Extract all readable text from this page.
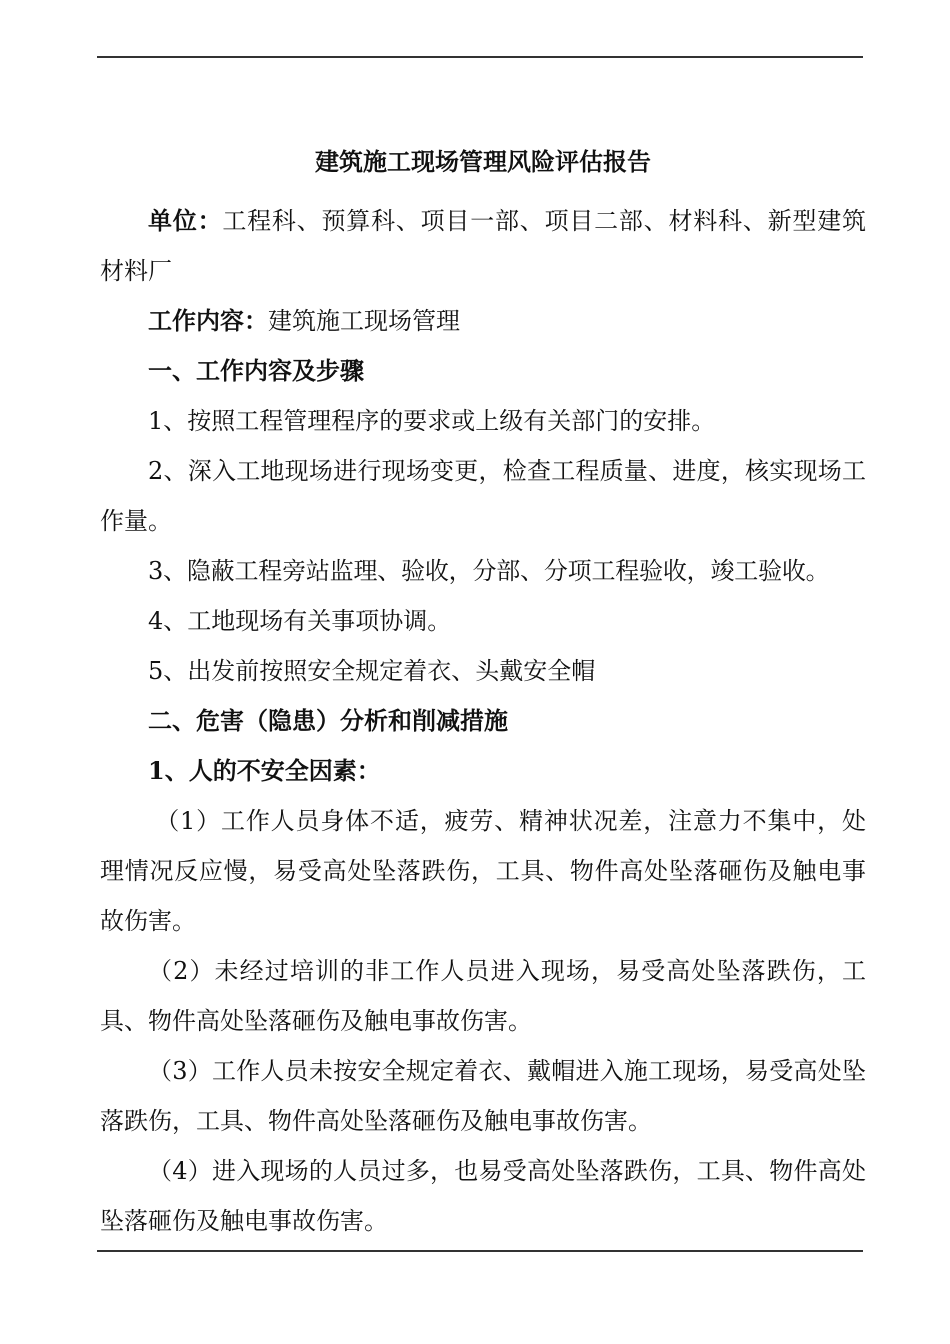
建筑施工现场管理风险评估报告

单位：工程科、预算科、项目一部、项目二部、材料科、新型建筑材料厂

工作内容：建筑施工现场管理

一、工作内容及步骤

1、按照工程管理程序的要求或上级有关部门的安排。

2、深入工地现场进行现场变更，检查工程质量、进度，核实现场工作量。

3、隐蔽工程旁站监理、验收，分部、分项工程验收，竣工验收。

4、工地现场有关事项协调。

5、出发前按照安全规定着衣、头戴安全帽

二、危害（隐患）分析和削减措施

1、人的不安全因素：

（1）工作人员身体不适，疲劳、精神状况差，注意力不集中，处理情况反应慢，易受高处坠落跌伤，工具、物件高处坠落砸伤及触电事故伤害。

（2）未经过培训的非工作人员进入现场，易受高处坠落跌伤，工具、物件高处坠落砸伤及触电事故伤害。

（3）工作人员未按安全规定着衣、戴帽进入施工现场，易受高处坠落跌伤，工具、物件高处坠落砸伤及触电事故伤害。

（4）进入现场的人员过多，也易受高处坠落跌伤，工具、物件高处坠落砸伤及触电事故伤害。
